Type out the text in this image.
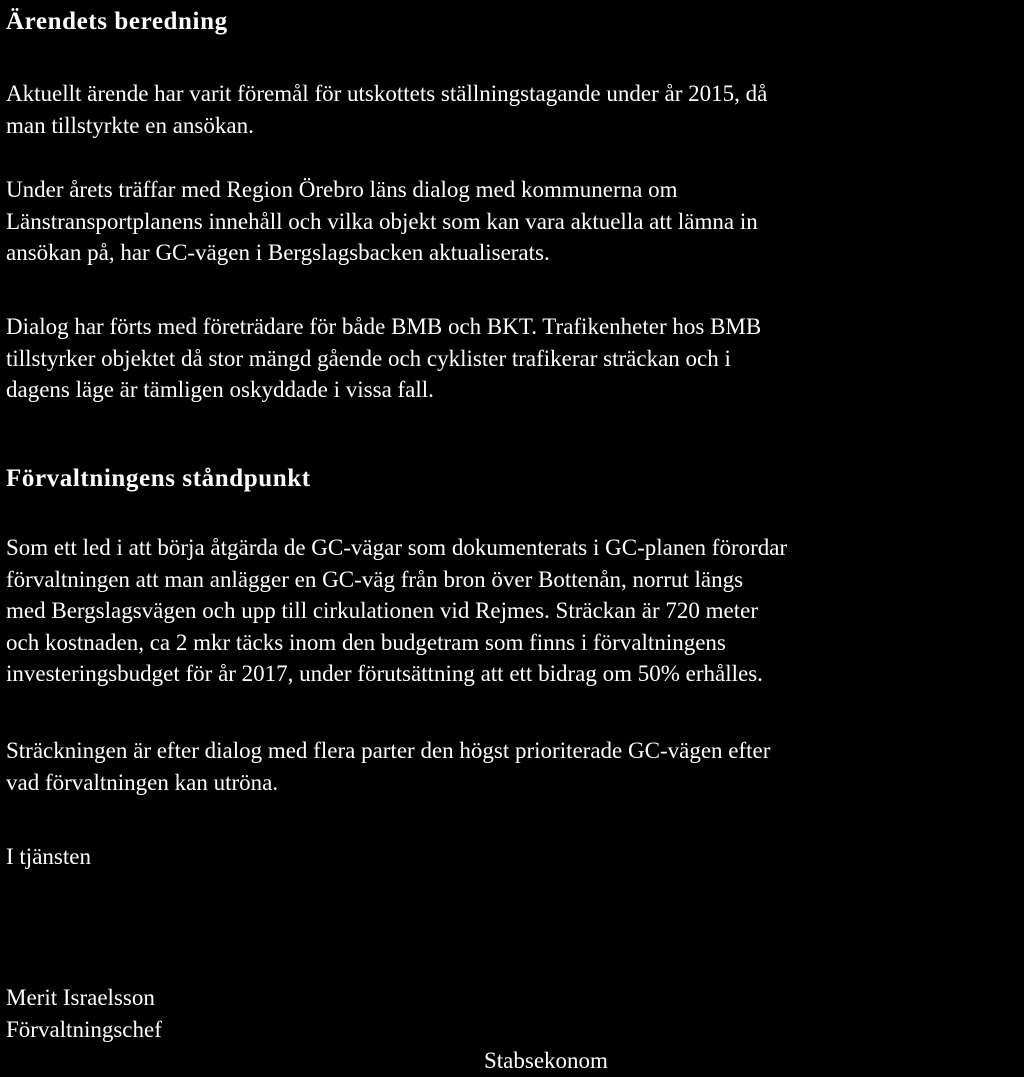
Ärendets beredning

Aktuellt ärende har varit föremål för utskottets ställningstagande under år 2015, då
man tillstyrkte en ansökan.

Under årets träffar med Region Örebro läns dialog med kommunerna om
Länstransportplanens innehåll och vilka objekt som kan vara aktuella att lämna in
ansökan på, har GC-vägen i Bergslagsbacken aktualiserats.

Dialog har förts med företrädare för både BMB och BKT. Trafikenheter hos BMB
tillstyrker objektet då stor mängd gående och cyklister trafikerar sträckan och i
dagens läge är tämligen oskyddade i vissa fall.

Förvaltningens ståndpunkt

Som ett led i att börja åtgärda de GC-vägar som dokumenterats i GC-planen förordar
förvaltningen att man anlägger en GC-väg från bron över Bottenån, norrut längs
med Bergslagsvägen och upp till cirkulationen vid Rejmes. Sträckan är 720 meter
och kostnaden, ca 2 mkr täcks inom den budgetram som finns i förvaltningens
investeringsbudget för år 2017, under förutsättning att ett bidrag om 50% erhålles.

Sträckningen är efter dialog med flera parter den högst prioriterade GC-vägen efter
vad förvaltningen kan utröna.

I tjänsten

Merit Israelsson

Förvaltningschef

Stabsekonom
